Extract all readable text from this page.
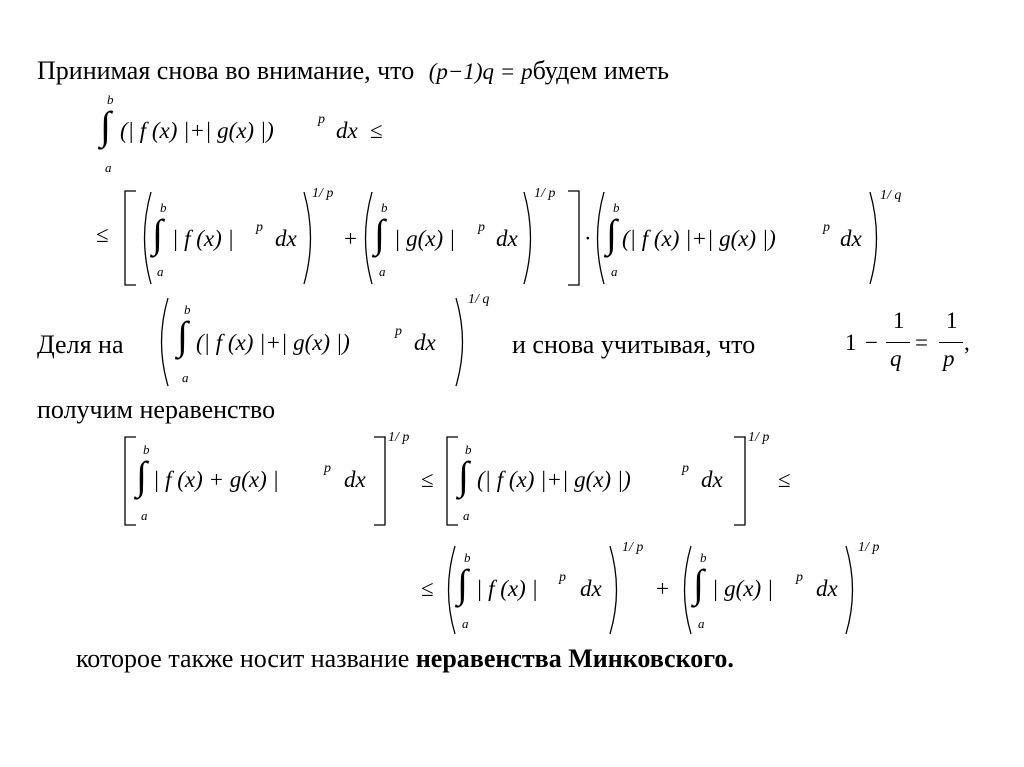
Принимая снова во внимание, что (p−1)q = pбудем иметь
b
∫
a
(| f (x) |+| g(x) |)	p dx ≤
≤
b
∫
a
| f (x) | p dx
1/ p
+
b
∫
a
| g(x) | p dx
1/ p
·
b
∫
a
(| f (x) |+| g(x) |)	p dx
1/ q
Деля на
b
∫
a
(| f (x) |+| g(x) |)	p dx
1/ q
и снова учитывая, что	1 −
1
q
=
1
p
,
получим неравенство
b
∫
a
| f (x) + g(x) |	p dx
1/ p
≤
b
∫
a
(| f (x) |+| g(x) |)	p dx
1/ p
≤
≤
b
∫
a
| f (x) | p dx
1/ p
+
b
∫
a
| g(x) | p dx
1/ p
которое также носит название неравенства Минковского.
